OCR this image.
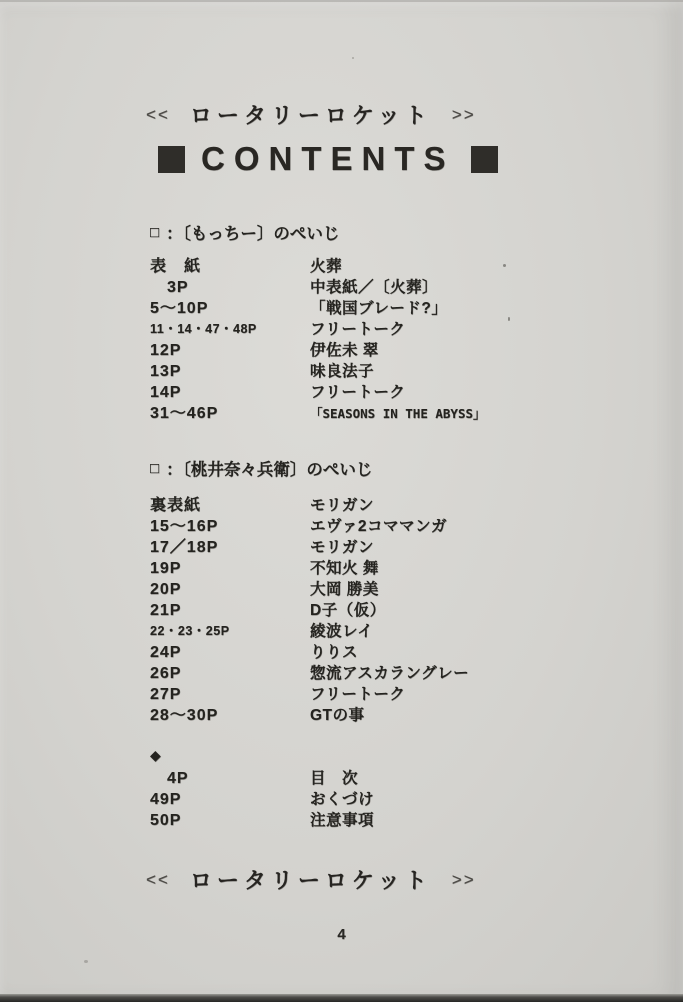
<< ロータリーロケット >>
CONTENTS
□ ：〔もっちー〕のぺいじ
表　紙	火葬
　3P	中表紙／〔火葬〕
5～10P	「戦国ブレード?」
11・14・47・48P	フリートーク
12P	伊佐未 翠
13P	味良法子
14P	フリートーク
31～46P	「SEASONS IN THE ABYSS」
□ ：〔桃井奈々兵衛〕のぺいじ
裏表紙	モリガン
15～16P	エヴァ2コママンガ
17／18P	モリガン
19P	不知火 舞
20P	大岡 勝美
21P	D子（仮）
22・23・25P	綾波レイ
24P	りりス
26P	惣流アスカラングレー
27P	フリートーク
28～30P	GTの事
◆
　4P	目　次
49P	おくづけ
50P	注意事項
<< ロータリーロケット >>
4
